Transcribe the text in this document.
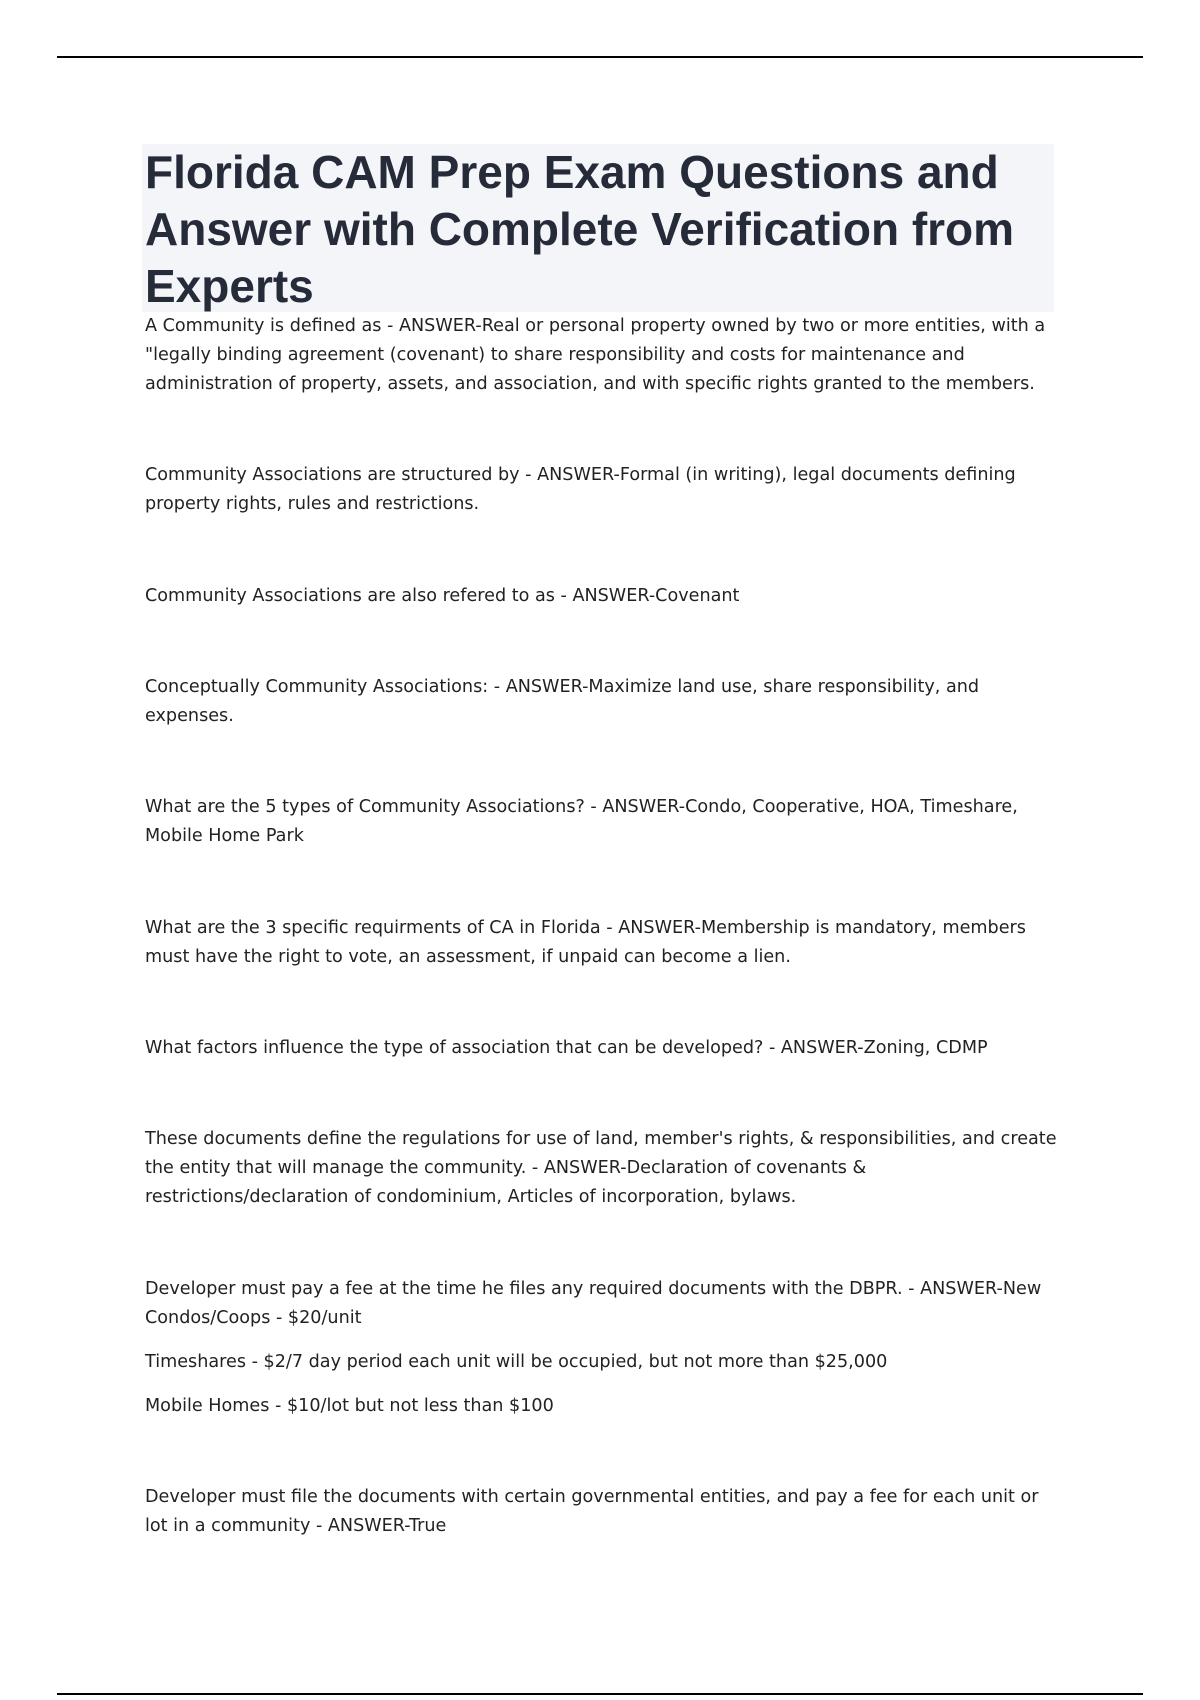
Florida CAM Prep Exam Questions and Answer with Complete Verification from Experts

A Community is defined as - ANSWER-Real or personal property owned by two or more entities, with a "legally binding agreement (covenant) to share responsibility and costs for maintenance and administration of property, assets, and association, and with specific rights granted to the members.

Community Associations are structured by - ANSWER-Formal (in writing), legal documents defining property rights, rules and restrictions.

Community Associations are also refered to as - ANSWER-Covenant

Conceptually Community Associations: - ANSWER-Maximize land use, share responsibility, and expenses.

What are the 5 types of Community Associations? - ANSWER-Condo, Cooperative, HOA, Timeshare, Mobile Home Park

What are the 3 specific requirments of CA in Florida - ANSWER-Membership is mandatory, members must have the right to vote, an assessment, if unpaid can become a lien.

What factors influence the type of association that can be developed? - ANSWER-Zoning, CDMP

These documents define the regulations for use of land, member's rights, & responsibilities, and create the entity that will manage the community. - ANSWER-Declaration of covenants & restrictions/declaration of condominium, Articles of incorporation, bylaws.

Developer must pay a fee at the time he files any required documents with the DBPR. - ANSWER-New Condos/Coops - $20/unit

Timeshares - $2/7 day period each unit will be occupied, but not more than $25,000

Mobile Homes - $10/lot but not less than $100

Developer must file the documents with certain governmental entities, and pay a fee for each unit or lot in a community - ANSWER-True
